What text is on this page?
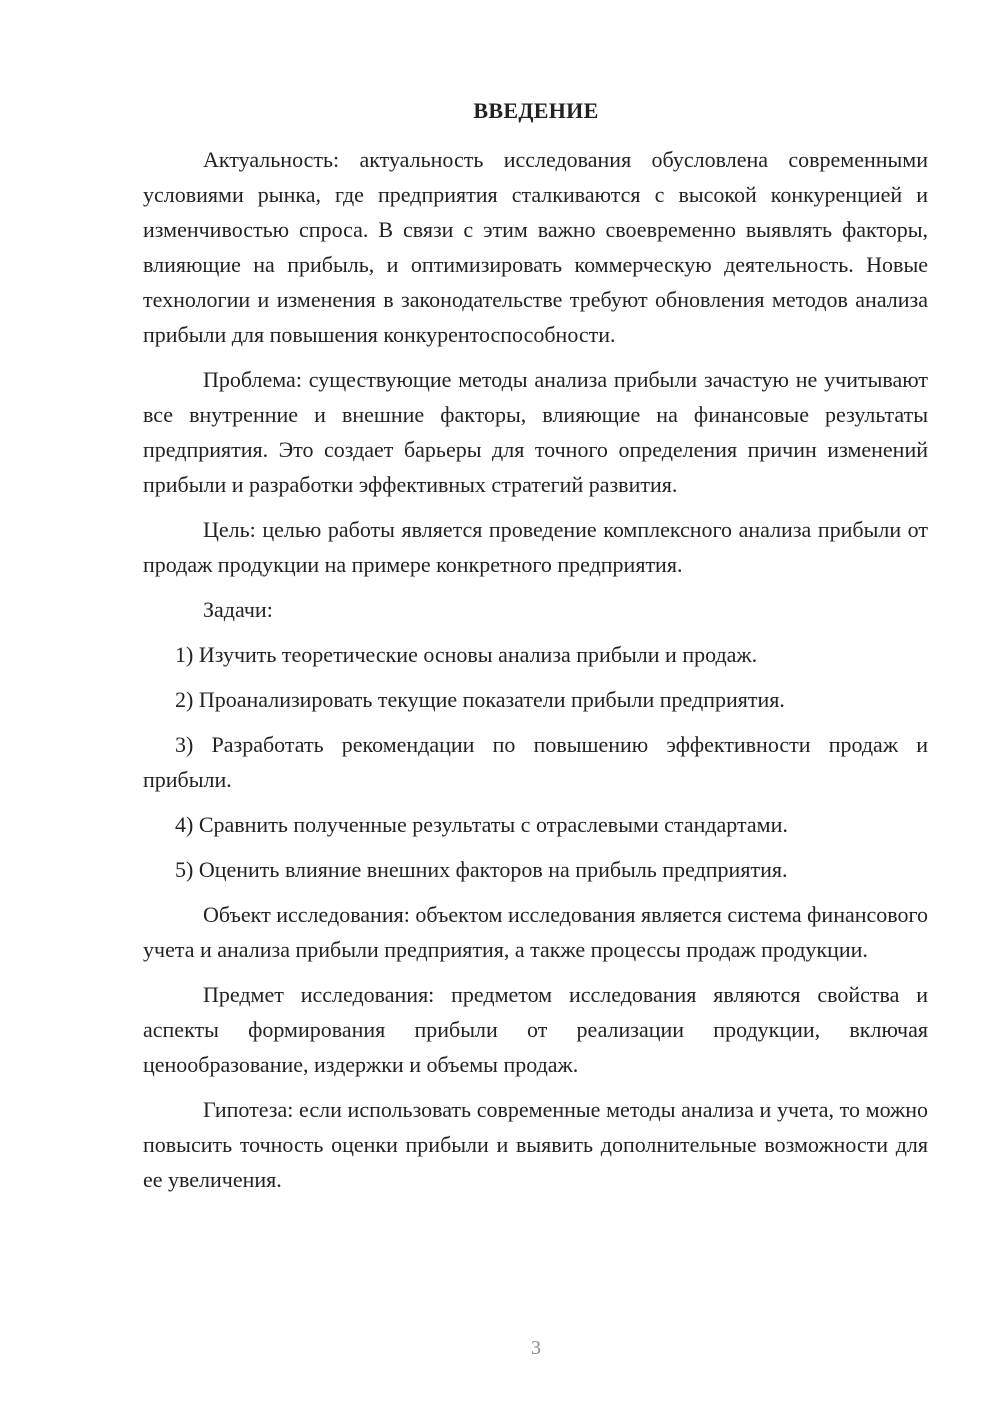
ВВЕДЕНИЕ

Актуальность: актуальность исследования обусловлена современными условиями рынка, где предприятия сталкиваются с высокой конкуренцией и изменчивостью спроса. В связи с этим важно своевременно выявлять факторы, влияющие на прибыль, и оптимизировать коммерческую деятельность. Новые технологии и изменения в законодательстве требуют обновления методов анализа прибыли для повышения конкурентоспособности.

Проблема: существующие методы анализа прибыли зачастую не учитывают все внутренние и внешние факторы, влияющие на финансовые результаты предприятия. Это создает барьеры для точного определения причин изменений прибыли и разработки эффективных стратегий развития.

Цель: целью работы является проведение комплексного анализа прибыли от продаж продукции на примере конкретного предприятия.

Задачи:

1) Изучить теоретические основы анализа прибыли и продаж.

2) Проанализировать текущие показатели прибыли предприятия.

3) Разработать рекомендации по повышению эффективности продаж и прибыли.

4) Сравнить полученные результаты с отраслевыми стандартами.

5) Оценить влияние внешних факторов на прибыль предприятия.

Объект исследования: объектом исследования является система финансового учета и анализа прибыли предприятия, а также процессы продаж продукции.

Предмет исследования: предметом исследования являются свойства и аспекты формирования прибыли от реализации продукции, включая ценообразование, издержки и объемы продаж.

Гипотеза: если использовать современные методы анализа и учета, то можно повысить точность оценки прибыли и выявить дополнительные возможности для ее увеличения.

3
